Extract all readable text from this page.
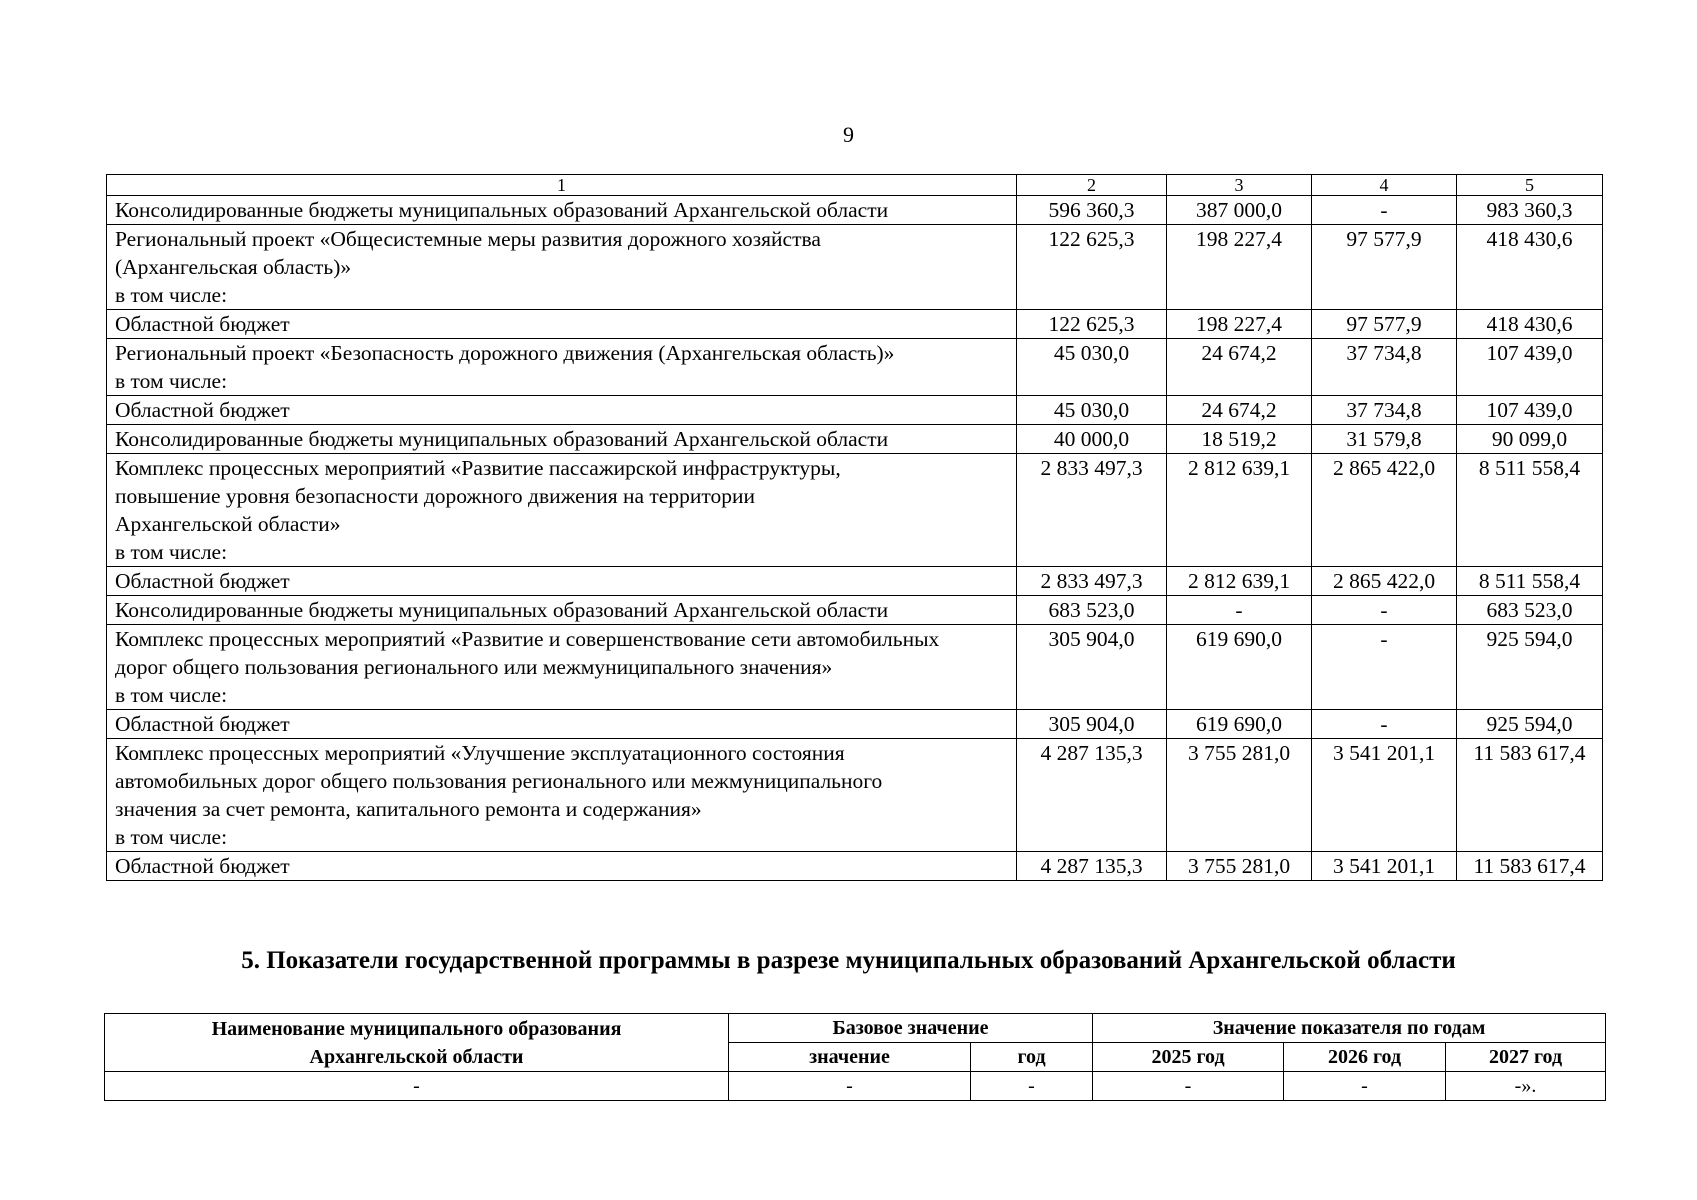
9
1	2	3	4	5

Консолидированные бюджеты муниципальных образований Архангельской области	596 360,3	387 000,0	-	983 360,3

Региональный проект «Общесистемные меры развития дорожного хозяйства
(Архангельская область)»
в том числе:	122 625,3	198 227,4	97 577,9	418 430,6

Областной бюджет	122 625,3	198 227,4	97 577,9	418 430,6

Региональный проект «Безопасность дорожного движения (Архангельская область)»
в том числе:	45 030,0	24 674,2	37 734,8	107 439,0

Областной бюджет	45 030,0	24 674,2	37 734,8	107 439,0

Консолидированные бюджеты муниципальных образований Архангельской области	40 000,0	18 519,2	31 579,8	90 099,0

Комплекс процессных мероприятий «Развитие пассажирской инфраструктуры,
повышение уровня безопасности дорожного движения на территории
Архангельской области»
в том числе:	2 833 497,3	2 812 639,1	2 865 422,0	8 511 558,4

Областной бюджет	2 833 497,3	2 812 639,1	2 865 422,0	8 511 558,4

Консолидированные бюджеты муниципальных образований Архангельской области	683 523,0	-	-	683 523,0

Комплекс процессных мероприятий «Развитие и совершенствование сети автомобильных
дорог общего пользования регионального или межмуниципального значения»
в том числе:	305 904,0	619 690,0	-	925 594,0

Областной бюджет	305 904,0	619 690,0	-	925 594,0

Комплекс процессных мероприятий «Улучшение эксплуатационного состояния
автомобильных дорог общего пользования регионального или межмуниципального
значения за счет ремонта, капитального ремонта и содержания»
в том числе:	4 287 135,3	3 755 281,0	3 541 201,1	11 583 617,4

Областной бюджет	4 287 135,3	3 755 281,0	3 541 201,1	11 583 617,4
5. Показатели государственной программы в разрезе муниципальных образований Архангельской области
Наименование муниципального образования
Архангельской области	Базовое значение		Значение показателя по годам		
	значение	год	2025 год	2026 год	2027 год
-	-	-	-	-	-».
